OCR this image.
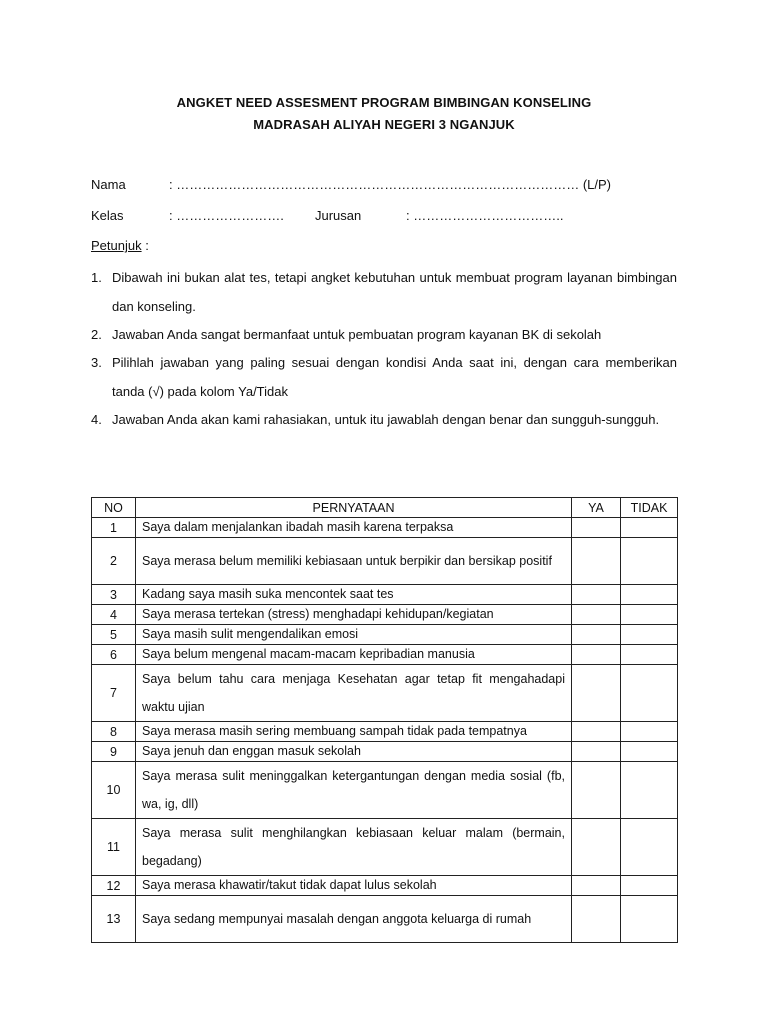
ANGKET NEED ASSESMENT PROGRAM BIMBINGAN KONSELING
MADRASAH ALIYAH NEGERI 3 NGANJUK
Nama	: ………………………………………………………………………………… (L/P)
Kelas	: ……………………. Jurusan	: ……………………………..
Petunjuk :
1. Dibawah ini bukan alat tes, tetapi angket kebutuhan untuk membuat program layanan bimbingan dan konseling.
2. Jawaban Anda sangat bermanfaat untuk pembuatan program kayanan BK di sekolah
3. Pilihlah jawaban yang paling sesuai dengan kondisi Anda saat ini, dengan cara memberikan tanda (√) pada kolom Ya/Tidak
4. Jawaban Anda akan kami rahasiakan, untuk itu jawablah dengan benar dan sungguh-sungguh.
NO	PERNYATAAN	YA	TIDAK
1	Saya dalam menjalankan ibadah masih karena terpaksa		
2	Saya merasa belum memiliki kebiasaan untuk berpikir dan bersikap positif		
3	Kadang saya masih suka mencontek saat tes		
4	Saya merasa tertekan (stress) menghadapi kehidupan/kegiatan		
5	Saya masih sulit mengendalikan emosi		
6	Saya belum mengenal macam-macam kepribadian manusia		
7	Saya belum tahu cara menjaga Kesehatan agar tetap fit mengahadapi waktu ujian		
8	Saya merasa masih sering membuang sampah tidak pada tempatnya		
9	Saya jenuh dan enggan masuk sekolah		
10	Saya merasa sulit meninggalkan ketergantungan dengan media sosial (fb, wa, ig, dll)		
11	Saya merasa sulit menghilangkan kebiasaan keluar malam (bermain, begadang)		
12	Saya merasa khawatir/takut tidak dapat lulus sekolah		
13	Saya sedang mempunyai masalah dengan anggota keluarga di rumah		
